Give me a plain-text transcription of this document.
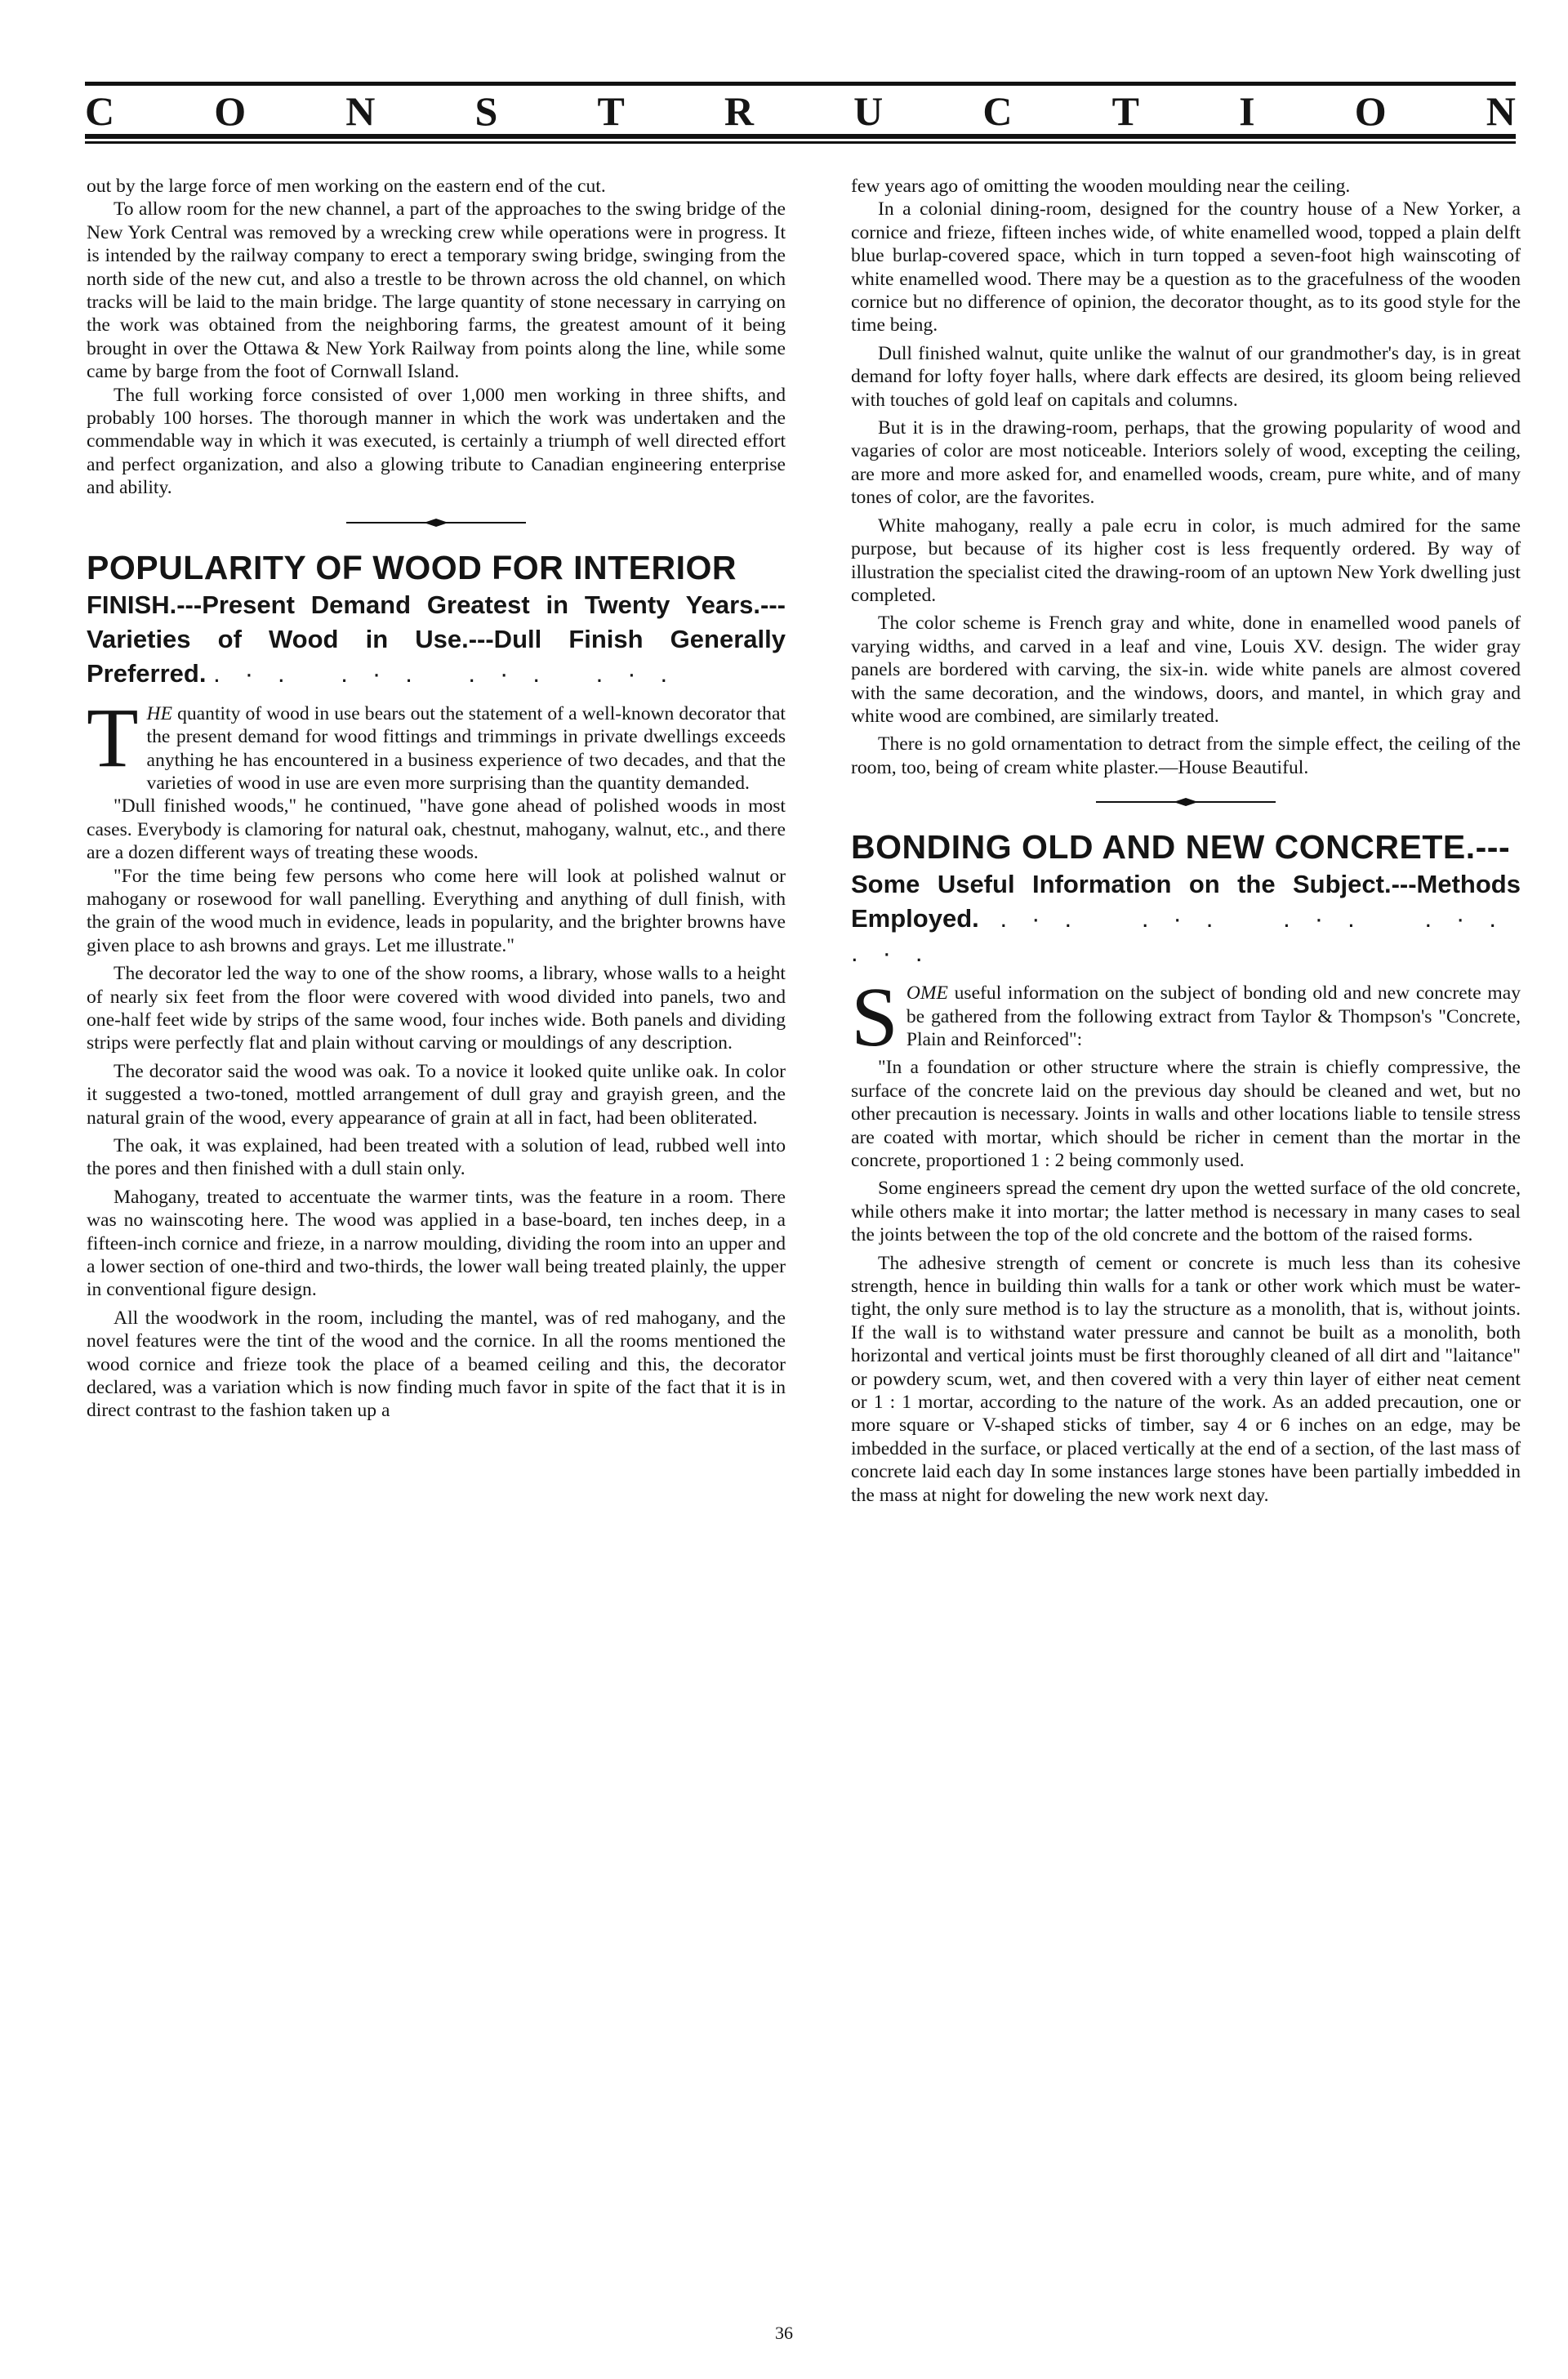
C O N S T R U C T I O N

out by the large force of men working on the eastern end of the cut.

To allow room for the new channel, a part of the approaches to the swing bridge of the New York Central was removed by a wrecking crew while operations were in progress. It is intended by the railway company to erect a temporary swing bridge, swinging from the north side of the new cut, and also a trestle to be thrown across the old channel, on which tracks will be laid to the main bridge. The large quantity of stone necessary in carrying on the work was obtained from the neighboring farms, the greatest amount of it being brought in over the Ottawa & New York Railway from points along the line, while some came by barge from the foot of Cornwall Island.

The full working force consisted of over 1,000 men working in three shifts, and probably 100 horses. The thorough manner in which the work was undertaken and the commendable way in which it was executed, is certainly a triumph of well directed effort and perfect organization, and also a glowing tribute to Canadian engineering enterprise and ability.

POPULARITY OF WOOD FOR INTERIOR
FINISH.---Present Demand Greatest in Twenty Years.---Varieties of Wood in Use.---Dull Finish Generally Preferred. .·. .·. .·. .·.
THE quantity of wood in use bears out the statement of a well-known decorator that the present demand for wood fittings and trimmings in private dwellings exceeds anything he has encountered in a business experience of two decades, and that the varieties of wood in use are even more surprising than the quantity demanded.

"Dull finished woods," he continued, "have gone ahead of polished woods in most cases. Everybody is clamoring for natural oak, chestnut, mahogany, walnut, etc., and there are a dozen different ways of treating these woods.

"For the time being few persons who come here will look at polished walnut or mahogany or rosewood for wall panelling. Everything and anything of dull finish, with the grain of the wood much in evidence, leads in popularity, and the brighter browns have given place to ash browns and grays. Let me illustrate."

The decorator led the way to one of the show rooms, a library, whose walls to a height of nearly six feet from the floor were covered with wood divided into panels, two and one-half feet wide by strips of the same wood, four inches wide. Both panels and dividing strips were perfectly flat and plain without carving or mouldings of any description.

The decorator said the wood was oak. To a novice it looked quite unlike oak. In color it suggested a two-toned, mottled arrangement of dull gray and grayish green, and the natural grain of the wood, every appearance of grain at all in fact, had been obliterated.

The oak, it was explained, had been treated with a solution of lead, rubbed well into the pores and then finished with a dull stain only.

Mahogany, treated to accentuate the warmer tints, was the feature in a room. There was no wainscoting here. The wood was applied in a base-board, ten inches deep, in a fifteen-inch cornice and frieze, in a narrow moulding, dividing the room into an upper and a lower section of one-third and two-thirds, the lower wall being treated plainly, the upper in conventional figure design.

All the woodwork in the room, including the mantel, was of red mahogany, and the novel features were the tint of the wood and the cornice. In all the rooms mentioned the wood cornice and frieze took the place of a beamed ceiling and this, the decorator declared, was a variation which is now finding much favor in spite of the fact that it is in direct contrast to the fashion taken up a

few years ago of omitting the wooden moulding near the ceiling.

In a colonial dining-room, designed for the country house of a New Yorker, a cornice and frieze, fifteen inches wide, of white enamelled wood, topped a plain delft blue burlap-covered space, which in turn topped a seven-foot high wainscoting of white enamelled wood. There may be a question as to the gracefulness of the wooden cornice but no difference of opinion, the decorator thought, as to its good style for the time being.

Dull finished walnut, quite unlike the walnut of our grandmother's day, is in great demand for lofty foyer halls, where dark effects are desired, its gloom being relieved with touches of gold leaf on capitals and columns.

But it is in the drawing-room, perhaps, that the growing popularity of wood and vagaries of color are most noticeable. Interiors solely of wood, excepting the ceiling, are more and more asked for, and enamelled woods, cream, pure white, and of many tones of color, are the favorites.

White mahogany, really a pale ecru in color, is much admired for the same purpose, but because of its higher cost is less frequently ordered. By way of illustration the specialist cited the drawing-room of an uptown New York dwelling just completed.

The color scheme is French gray and white, done in enamelled wood panels of varying widths, and carved in a leaf and vine, Louis XV. design. The wider gray panels are bordered with carving, the six-in. wide white panels are almost covered with the same decoration, and the windows, doors, and mantel, in which gray and white wood are combined, are similarly treated.

There is no gold ornamentation to detract from the simple effect, the ceiling of the room, too, being of cream white plaster.—House Beautiful.

BONDING OLD AND NEW CONCRETE.---
Some Useful Information on the Subject.---Methods Employed. .·. .·. .·. .·. .·.
SOME useful information on the subject of bonding old and new concrete may be gathered from the following extract from Taylor & Thompson's "Concrete, Plain and Reinforced":

"In a foundation or other structure where the strain is chiefly compressive, the surface of the concrete laid on the previous day should be cleaned and wet, but no other precaution is necessary. Joints in walls and other locations liable to tensile stress are coated with mortar, which should be richer in cement than the mortar in the concrete, proportioned 1 : 2 being commonly used.

Some engineers spread the cement dry upon the wetted surface of the old concrete, while others make it into mortar; the latter method is necessary in many cases to seal the joints between the top of the old concrete and the bottom of the raised forms.

The adhesive strength of cement or concrete is much less than its cohesive strength, hence in building thin walls for a tank or other work which must be water-tight, the only sure method is to lay the structure as a monolith, that is, without joints. If the wall is to withstand water pressure and cannot be built as a monolith, both horizontal and vertical joints must be first thoroughly cleaned of all dirt and "laitance" or powdery scum, wet, and then covered with a very thin layer of either neat cement or 1 : 1 mortar, according to the nature of the work. As an added precaution, one or more square or V-shaped sticks of timber, say 4 or 6 inches on an edge, may be imbedded in the surface, or placed vertically at the end of a section, of the last mass of concrete laid each day In some instances large stones have been partially imbedded in the mass at night for doweling the new work next day.

36
